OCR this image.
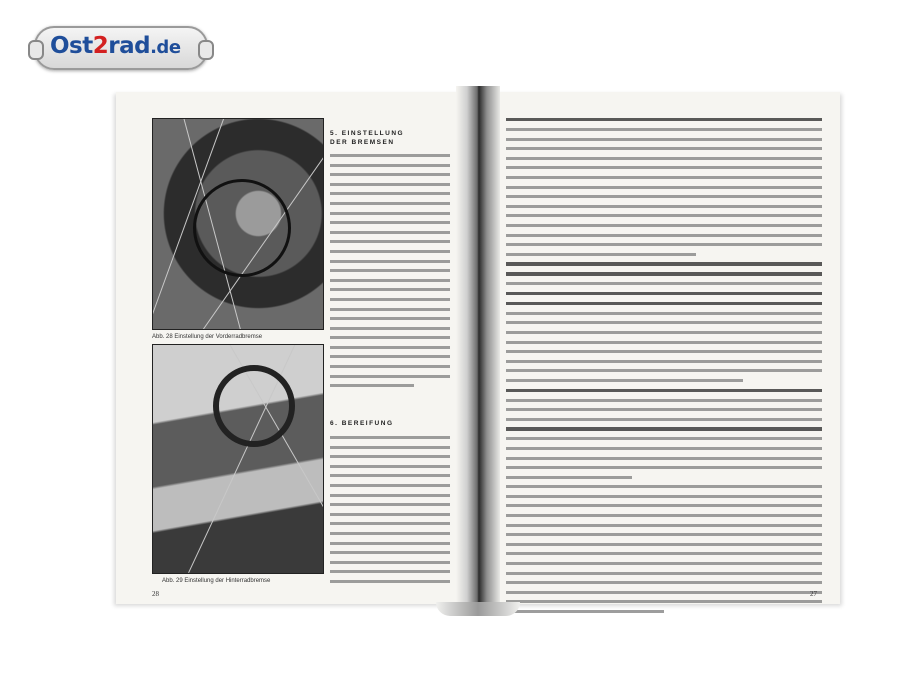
Ost2rad.de
Abb. 28 Einstellung der Vorderradbremse
Abb. 29 Einstellung der Hinterradbremse
5. EINSTELLUNG
DER BREMSEN
6. BEREIFUNG
28	27
